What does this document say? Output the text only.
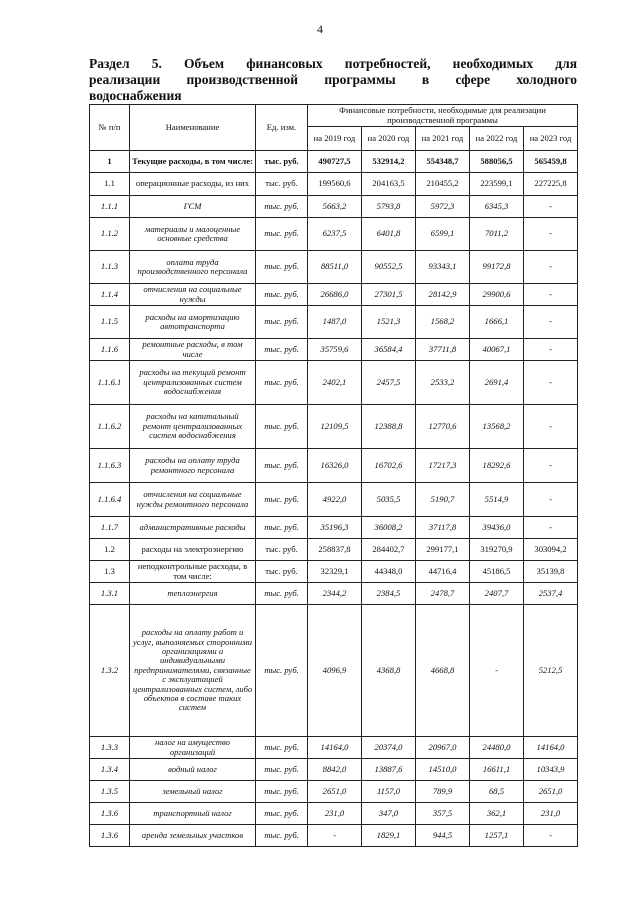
4
Раздел 5. Объем финансовых потребностей, необходимых для
реализации производственной программы в сфере холодного
водоснабжения
№ п/п	Наименование	Ед. изм.	Финансовые потребности, необходимые для реализации производственной программы				
			на 2019 год	на 2020 год	на 2021 год	на 2022 год	на 2023 год
1	Текущие расходы, в том числе:	тыс. руб.	490727,5	532914,2	554348,7	588056,5	565459,8
1.1	операционные расходы, из них	тыс. руб.	199560,6	204163,5	210455,2	223599,1	227225,8
1.1.1	ГСМ	тыс. руб.	5663,2	5793,8	5972,3	6345,3	-
1.1.2	материалы и малоценные основные средства	тыс. руб.	6237,5	6401,8	6599,1	7011,2	-
1.1.3	оплата труда производственного персонала	тыс. руб.	88511,0	90552,5	93343,1	99172,8	-
1.1.4	отчисления на социальные нужды	тыс. руб.	26686,0	27301,5	28142,9	29900,6	-
1.1.5	расходы на амортизацию автотранспорта	тыс. руб.	1487,0	1521,3	1568,2	1666,1	-
1.1.6	ремонтные расходы, в том числе	тыс. руб.	35759,6	36584,4	37711,8	40067,1	-
1.1.6.1	расходы на текущий ремонт централизованных систем водоснабжения	тыс. руб.	2402,1	2457,5	2533,2	2691,4	-
1.1.6.2	расходы на капитальный ремонт централизованных систем водоснабжения	тыс. руб.	12109,5	12388,8	12770,6	13568,2	-
1.1.6.3	расходы на оплату труда ремонтного персонала	тыс. руб.	16326,0	16702,6	17217,3	18292,6	-
1.1.6.4	отчисления на социальные нужды ремонтного персонала	тыс. руб.	4922,0	5035,5	5190,7	5514,9	-
1.1.7	административные расходы	тыс. руб.	35196,3	36008,2	37117,8	39436,0	-
1.2	расходы на электроэнергию	тыс. руб.	258837,8	284402,7	299177,1	319270,9	303094,2
1.3	неподконтрольные расходы, в том числе:	тыс. руб.	32329,1	44348,0	44716,4	45186,5	35139,8
1.3.1	теплоэнергия	тыс. руб.	2344,2	2384,5	2478,7	2407,7	2537,4
1.3.2	расходы на оплату работ и услуг, выполняемых сторонними организациями и индивидуальными предпринимателями, связанные с эксплуатацией централизованных систем, либо объектов в составе таких систем	тыс. руб.	4096,9	4368,8	4668,8	-	5212,5
1.3.3	налог на имущество организаций	тыс. руб.	14164,0	20374,0	20967,0	24480,0	14164,0
1.3.4	водный налог	тыс. руб.	8842,0	13887,6	14510,0	16611,1	10343,9
1.3.5	земельный налог	тыс. руб.	2651,0	1157,0	789,9	68,5	2651,0
1.3.6	транспортный налог	тыс. руб.	231,0	347,0	357,5	362,1	231,0
1.3.6	аренда земельных участков	тыс. руб.	-	1829,1	944,5	1257,1	-
